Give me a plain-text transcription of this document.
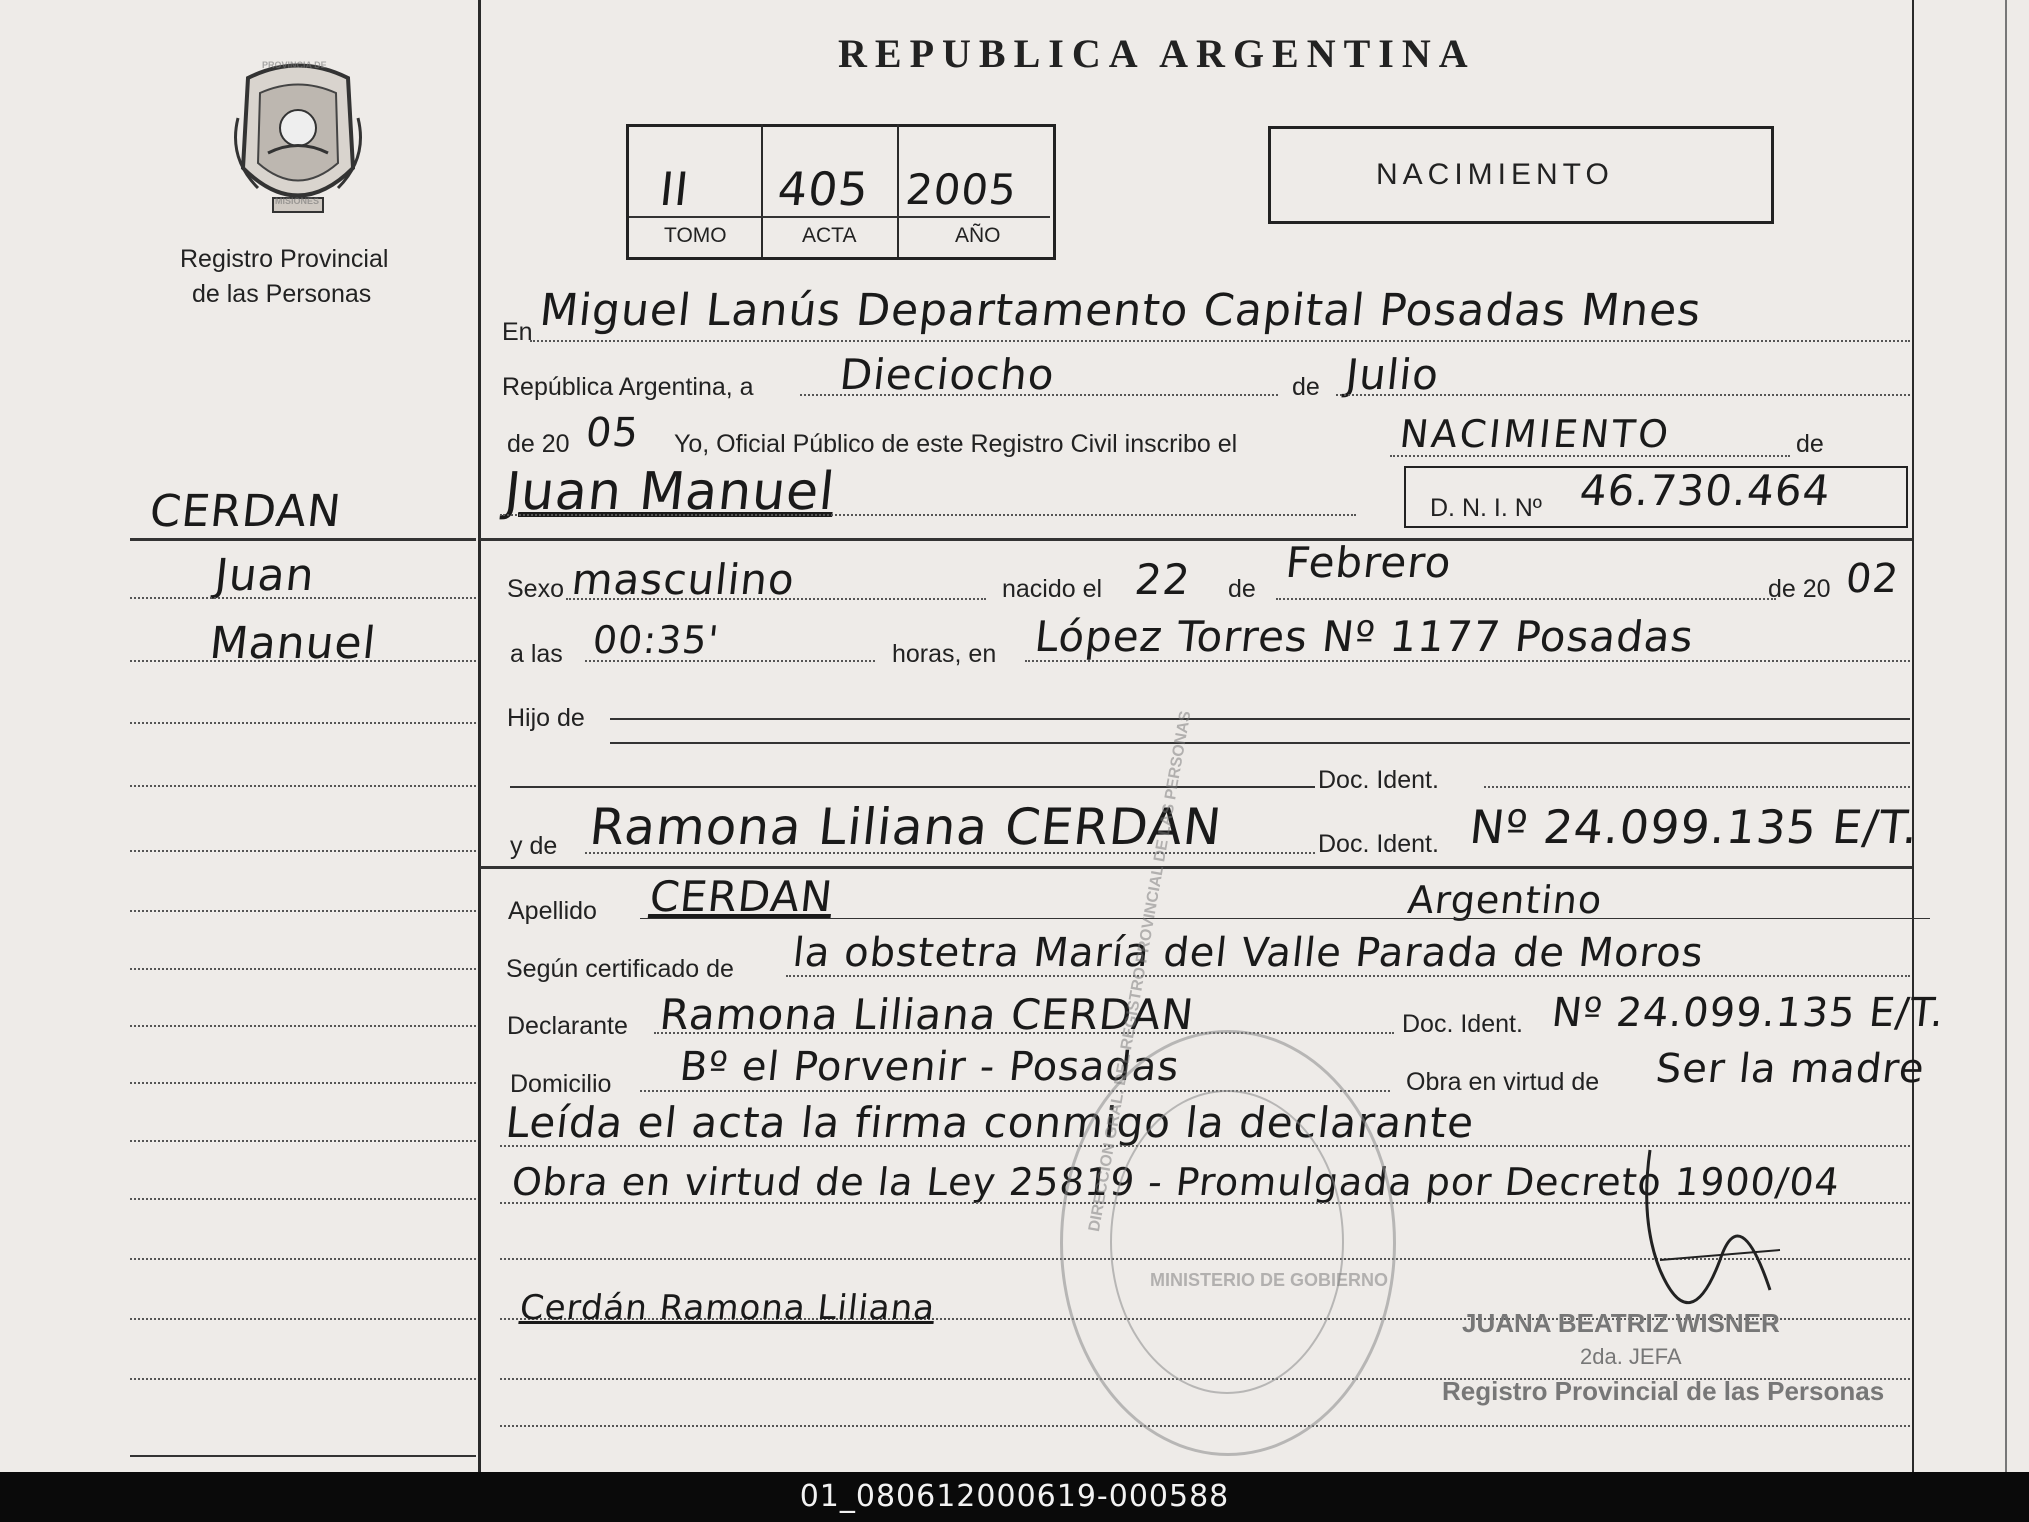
Registro Provincial
de las Personas
REPUBLICA ARGENTINA
II 405 2005
TOMO	ACTA	AÑO
NACIMIENTO
CERDAN
Juan
Manuel
En Miguel Lanús Departamento Capital Posadas Mnes
República Argentina, a Dieciocho	de Julio
de 20 05 Yo, Oficial Público de este Registro Civil inscribo el	NACIMIENTO	de
Juan Manuel	D. N. I. Nº 46.730.464
Sexo masculino	nacido el 22 de
Febrero
de 20 02
a las 00:35'	horas, en López Torres Nº 1177 Posadas
Hijo de
Doc. Ident.
y de Ramona Liliana CERDAN	Doc. Ident. Nº 24.099.135 E/T.
Apellido CERDAN	Argentino
Según certificado de la obstetra María del Valle Parada de Moros
Declarante Ramona Liliana CERDAN	Doc. Ident. Nº 24.099.135 E/T.
Domicilio Bº el Porvenir - Posadas	Obra en virtud de Ser la madre
Leída el acta la firma conmigo la declarante
Obra en virtud de la Ley 25819 - Promulgada por Decreto 1900/04
Cerdán Ramona Liliana	JUANA BEATRIZ WISNER
2da. JEFA
Registro Provincial de las Personas
DIRECCION GRAL. DEL REGISTRO PROVINCIAL DE LAS PERSONAS
MINISTERIO DE GOBIERNO
PROVINCIA DE
MISIONES
01_080612000619-000588
